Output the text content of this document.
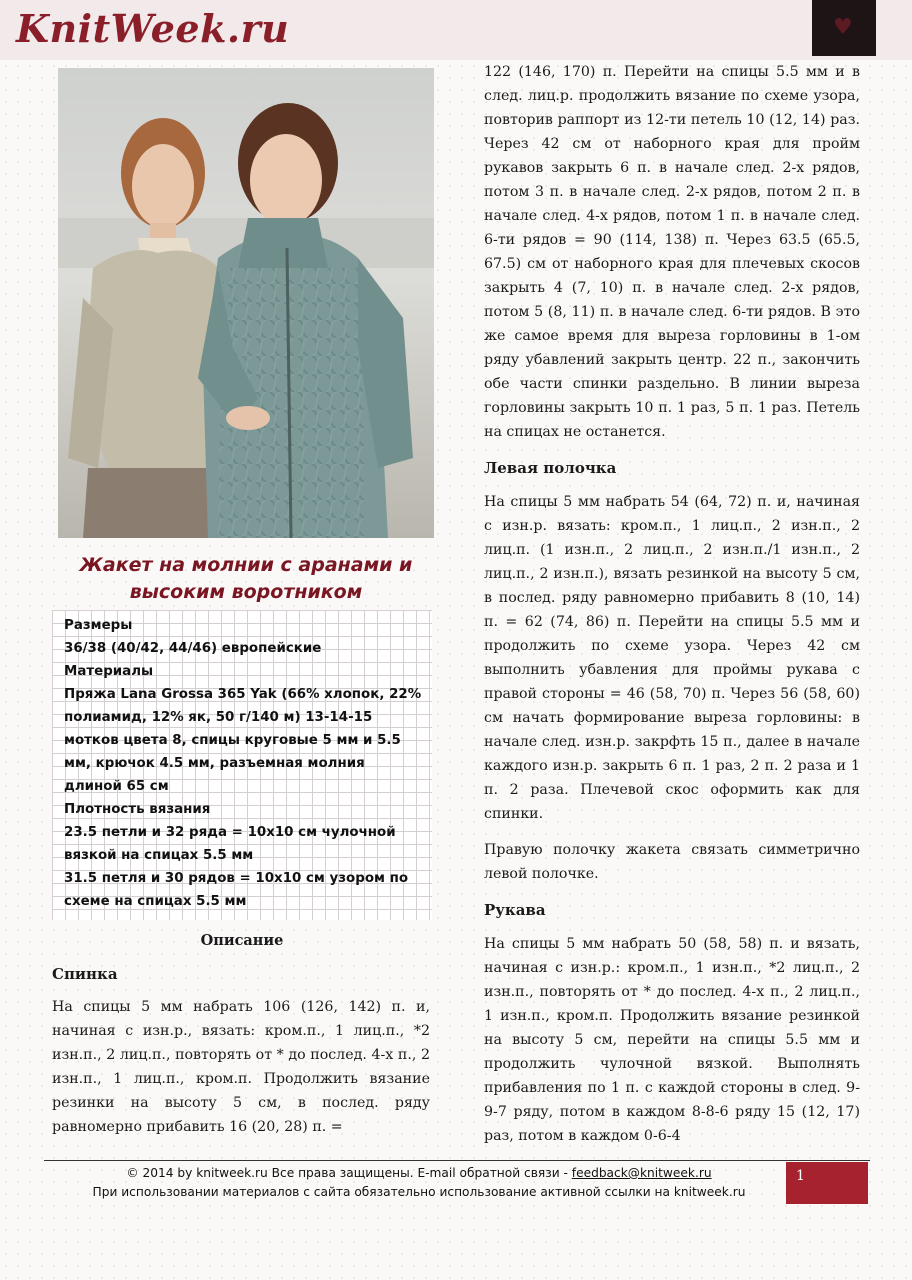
KnitWeek.ru	♥
Жакет на молнии с аранами и высоким воротником

Размеры

36/38 (40/42, 44/46) европейские

Материалы

Пряжа Lana Grossa 365 Yak (66% хлопок, 22% полиамид, 12% як, 50 г/140 м) 13-14-15 мотков цвета 8, спицы круговые 5 мм и 5.5 мм, крючок 4.5 мм, разъемная молния длиной 65 см

Плотность вязания

23.5 петли и 32 ряда = 10x10 см чулочной вязкой на спицах 5.5 мм

31.5 петля и 30 рядов = 10x10 см узором по схеме на спицах 5.5 мм

Описание
Спинка

На спицы 5 мм набрать 106 (126, 142) п. и, начиная с изн.р., вязать: кром.п., 1 лиц.п., *2 изн.п., 2 лиц.п., повторять от * до послед. 4-х п., 2 изн.п., 1 лиц.п., кром.п. Продолжить вязание резинки на высоту 5 см, в послед. ряду равномерно прибавить 16 (20, 28) п. =

122 (146, 170) п. Перейти на спицы 5.5 мм и в след. лиц.р. продолжить вязание по схеме узора, повторив раппорт из 12-ти петель 10 (12, 14) раз. Через 42 см от наборного края для пройм рукавов закрыть 6 п. в начале след. 2-х рядов, потом 3 п. в начале след. 2-х рядов, потом 2 п. в начале след. 4-х рядов, потом 1 п. в начале след. 6-ти рядов = 90 (114, 138) п. Через 63.5 (65.5, 67.5) см от наборного края для плечевых скосов закрыть 4 (7, 10) п. в начале след. 2-х рядов, потом 5 (8, 11) п. в начале след. 6-ти рядов. В это же самое время для выреза горловины в 1-ом ряду убавлений закрыть центр. 22 п., закончить обе части спинки раздельно. В линии выреза горловины закрыть 10 п. 1 раз, 5 п. 1 раз. Петель на спицах не останется.

Левая полочка

На спицы 5 мм набрать 54 (64, 72) п. и, начиная с изн.р. вязать: кром.п., 1 лиц.п., 2 изн.п., 2 лиц.п. (1 изн.п., 2 лиц.п., 2 изн.п./1 изн.п., 2 лиц.п., 2 изн.п.), вязать резинкой на высоту 5 см, в послед. ряду равномерно прибавить 8 (10, 14) п. = 62 (74, 86) п. Перейти на спицы 5.5 мм и продолжить по схеме узора. Через 42 см выполнить убавления для проймы рукава с правой стороны = 46 (58, 70) п. Через 56 (58, 60) см начать формирование выреза горловины: в начале след. изн.р. закрфть 15 п., далее в начале каждого изн.р. закрыть 6 п. 1 раз, 2 п. 2 раза и 1 п. 2 раза. Плечевой скос оформить как для спинки.

Правую полочку жакета связать симметрично левой полочке.

Рукава

На спицы 5 мм набрать 50 (58, 58) п. и вязать, начиная с изн.р.: кром.п., 1 изн.п., *2 лиц.п., 2 изн.п., повторять от * до послед. 4-х п., 2 лиц.п., 1 изн.п., кром.п. Продолжить вязание резинкой на высоту 5 см, перейти на спицы 5.5 мм и продолжить чулочной вязкой. Выполнять прибавления по 1 п. с каждой стороны в след. 9-9-7 ряду, потом в каждом 8-8-6 ряду 15 (12, 17) раз, потом в каждом 0-6-4

© 2014 by knitweek.ru Все права защищены. E-mail обратной связи - feedback@knitweek.ru
При использовании материалов с сайта обязательно использование активной ссылки на knitweek.ru
1
